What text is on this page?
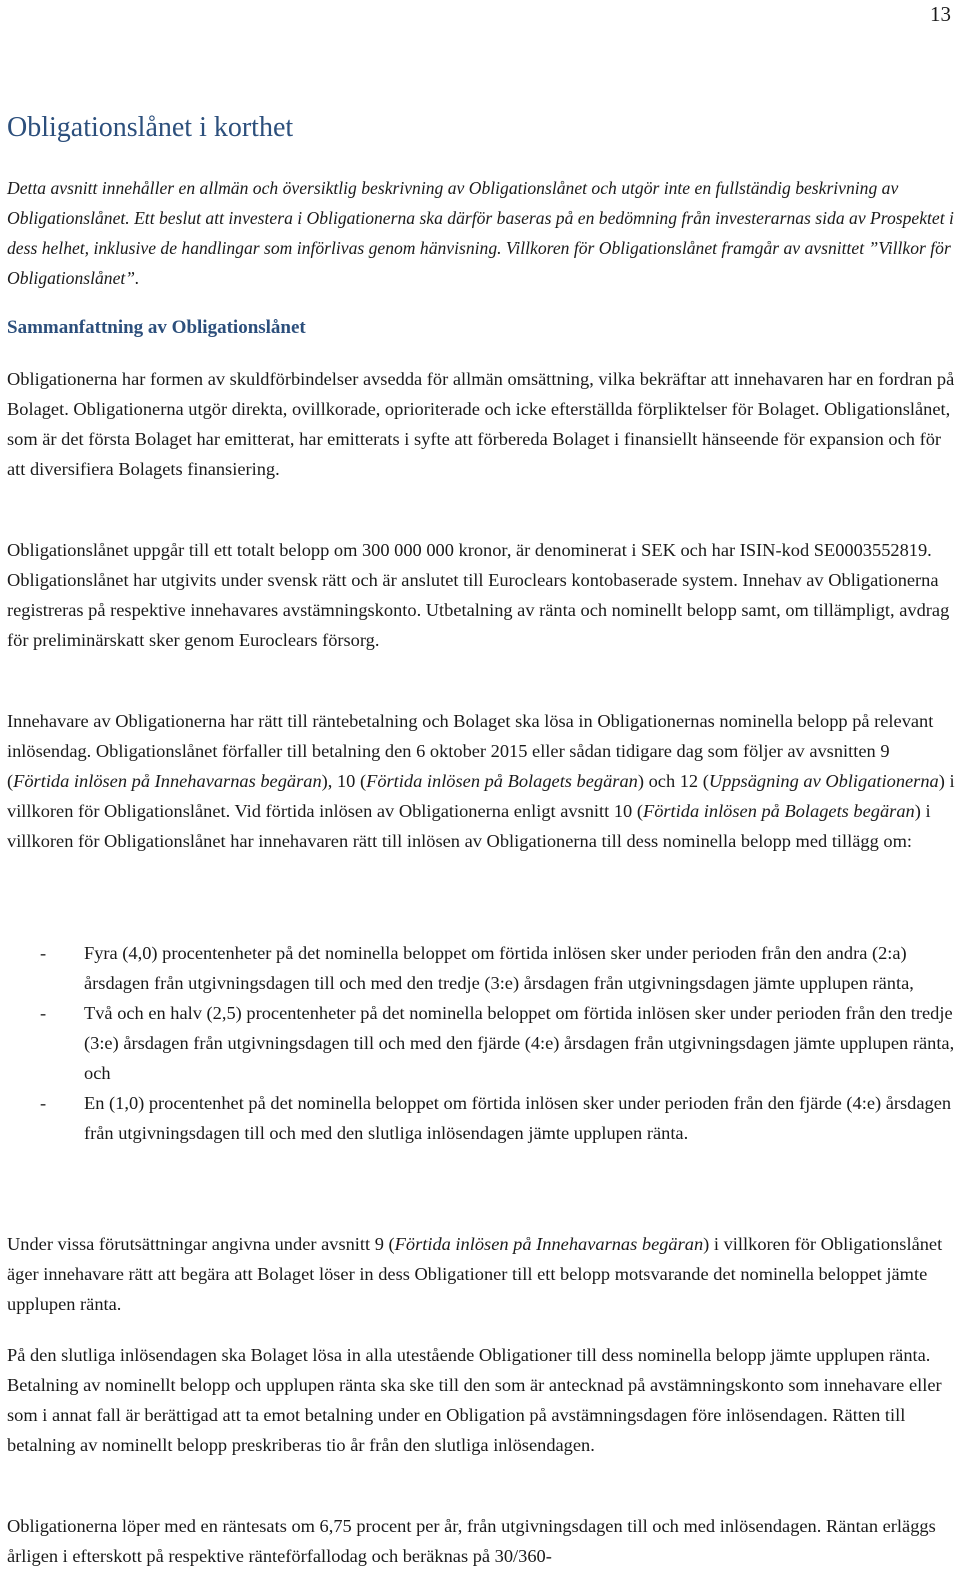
13
Obligationslånet i korthet

Detta avsnitt innehåller en allmän och översiktlig beskrivning av Obligationslånet och utgör inte en fullständig beskrivning av Obligationslånet. Ett beslut att investera i Obligationerna ska därför baseras på en bedömning från investerarnas sida av Prospektet i dess helhet, inklusive de handlingar som införlivas genom hänvisning. Villkoren för Obligationslånet framgår av avsnittet ”Villkor för Obligationslånet”.

Sammanfattning av Obligationslånet

Obligationerna har formen av skuldförbindelser avsedda för allmän omsättning, vilka bekräftar att innehavaren har en fordran på Bolaget. Obligationerna utgör direkta, ovillkorade, oprioriterade och icke efterställda förpliktelser för Bolaget. Obligationslånet, som är det första Bolaget har emitterat, har emitterats i syfte att förbereda Bolaget i finansiellt hänseende för expansion och för att diversifiera Bolagets finansiering.

Obligationslånet uppgår till ett totalt belopp om 300 000 000 kronor, är denominerat i SEK och har ISIN-kod SE0003552819. Obligationslånet har utgivits under svensk rätt och är anslutet till Euroclears kontobaserade system. Innehav av Obligationerna registreras på respektive innehavares avstämningskonto. Utbetalning av ränta och nominellt belopp samt, om tillämpligt, avdrag för preliminärskatt sker genom Euroclears försorg.

Innehavare av Obligationerna har rätt till räntebetalning och Bolaget ska lösa in Obligationernas nominella belopp på relevant inlösendag. Obligationslånet förfaller till betalning den 6 oktober 2015 eller sådan tidigare dag som följer av avsnitten 9 (Förtida inlösen på Innehavarnas begäran), 10 (Förtida inlösen på Bolagets begäran) och 12 (Uppsägning av Obligationerna) i villkoren för Obligationslånet. Vid förtida inlösen av Obligationerna enligt avsnitt 10 (Förtida inlösen på Bolagets begäran) i villkoren för Obligationslånet har innehavaren rätt till inlösen av Obligationerna till dess nominella belopp med tillägg om:

- Fyra (4,0) procentenheter på det nominella beloppet om förtida inlösen sker under perioden från den andra (2:a) årsdagen från utgivningsdagen till och med den tredje (3:e) årsdagen från utgivningsdagen jämte upplupen ränta,
- Två och en halv (2,5) procentenheter på det nominella beloppet om förtida inlösen sker under perioden från den tredje (3:e) årsdagen från utgivningsdagen till och med den fjärde (4:e) årsdagen från utgivningsdagen jämte upplupen ränta, och
- En (1,0) procentenhet på det nominella beloppet om förtida inlösen sker under perioden från den fjärde (4:e) årsdagen från utgivningsdagen till och med den slutliga inlösendagen jämte upplupen ränta.

Under vissa förutsättningar angivna under avsnitt 9 (Förtida inlösen på Innehavarnas begäran) i villkoren för Obligationslånet äger innehavare rätt att begära att Bolaget löser in dess Obligationer till ett belopp motsvarande det nominella beloppet jämte upplupen ränta.

På den slutliga inlösendagen ska Bolaget lösa in alla utestående Obligationer till dess nominella belopp jämte upplupen ränta. Betalning av nominellt belopp och upplupen ränta ska ske till den som är antecknad på avstämningskonto som innehavare eller som i annat fall är berättigad att ta emot betalning under en Obligation på avstämningsdagen före inlösendagen. Rätten till betalning av nominellt belopp preskriberas tio år från den slutliga inlösendagen.

Obligationerna löper med en räntesats om 6,75 procent per år, från utgivningsdagen till och med inlösendagen. Räntan erläggs årligen i efterskott på respektive ränteförfallodag och beräknas på 30/360-
